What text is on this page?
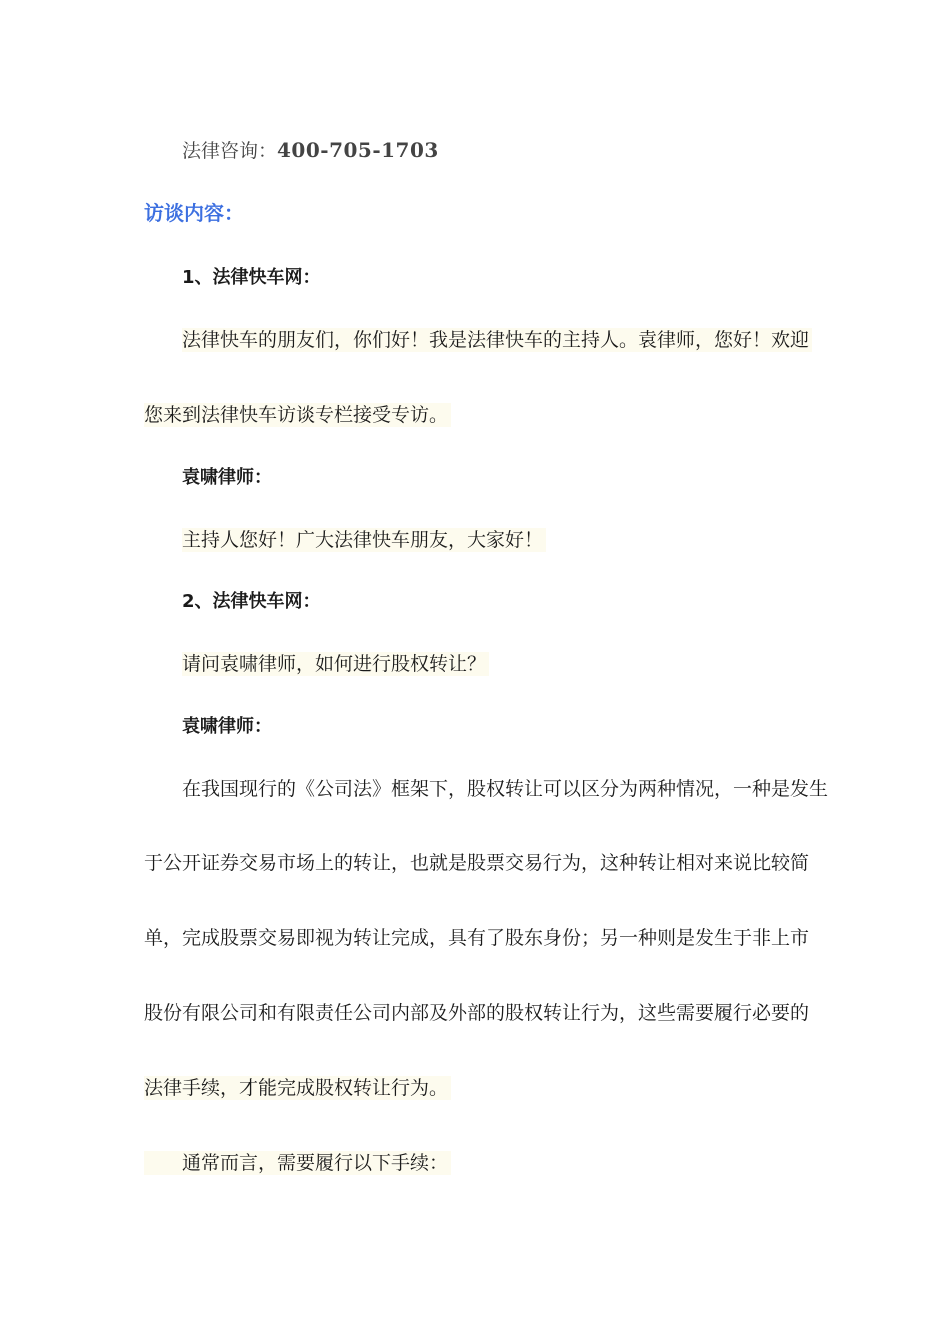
法律咨询：400-705-1703
访谈内容：
1、法律快车网：
法律快车的朋友们，你们好！我是法律快车的主持人。袁律师，您好！欢迎
您来到法律快车访谈专栏接受专访。
袁啸律师：
主持人您好！广大法律快车朋友，大家好！
2、法律快车网：
请问袁啸律师，如何进行股权转让？
袁啸律师：
在我国现行的《公司法》框架下，股权转让可以区分为两种情况，一种是发生
于公开证券交易市场上的转让，也就是股票交易行为，这种转让相对来说比较简
单，完成股票交易即视为转让完成，具有了股东身份；另一种则是发生于非上市
股份有限公司和有限责任公司内部及外部的股权转让行为，这些需要履行必要的
法律手续，才能完成股权转让行为。
通常而言，需要履行以下手续：
